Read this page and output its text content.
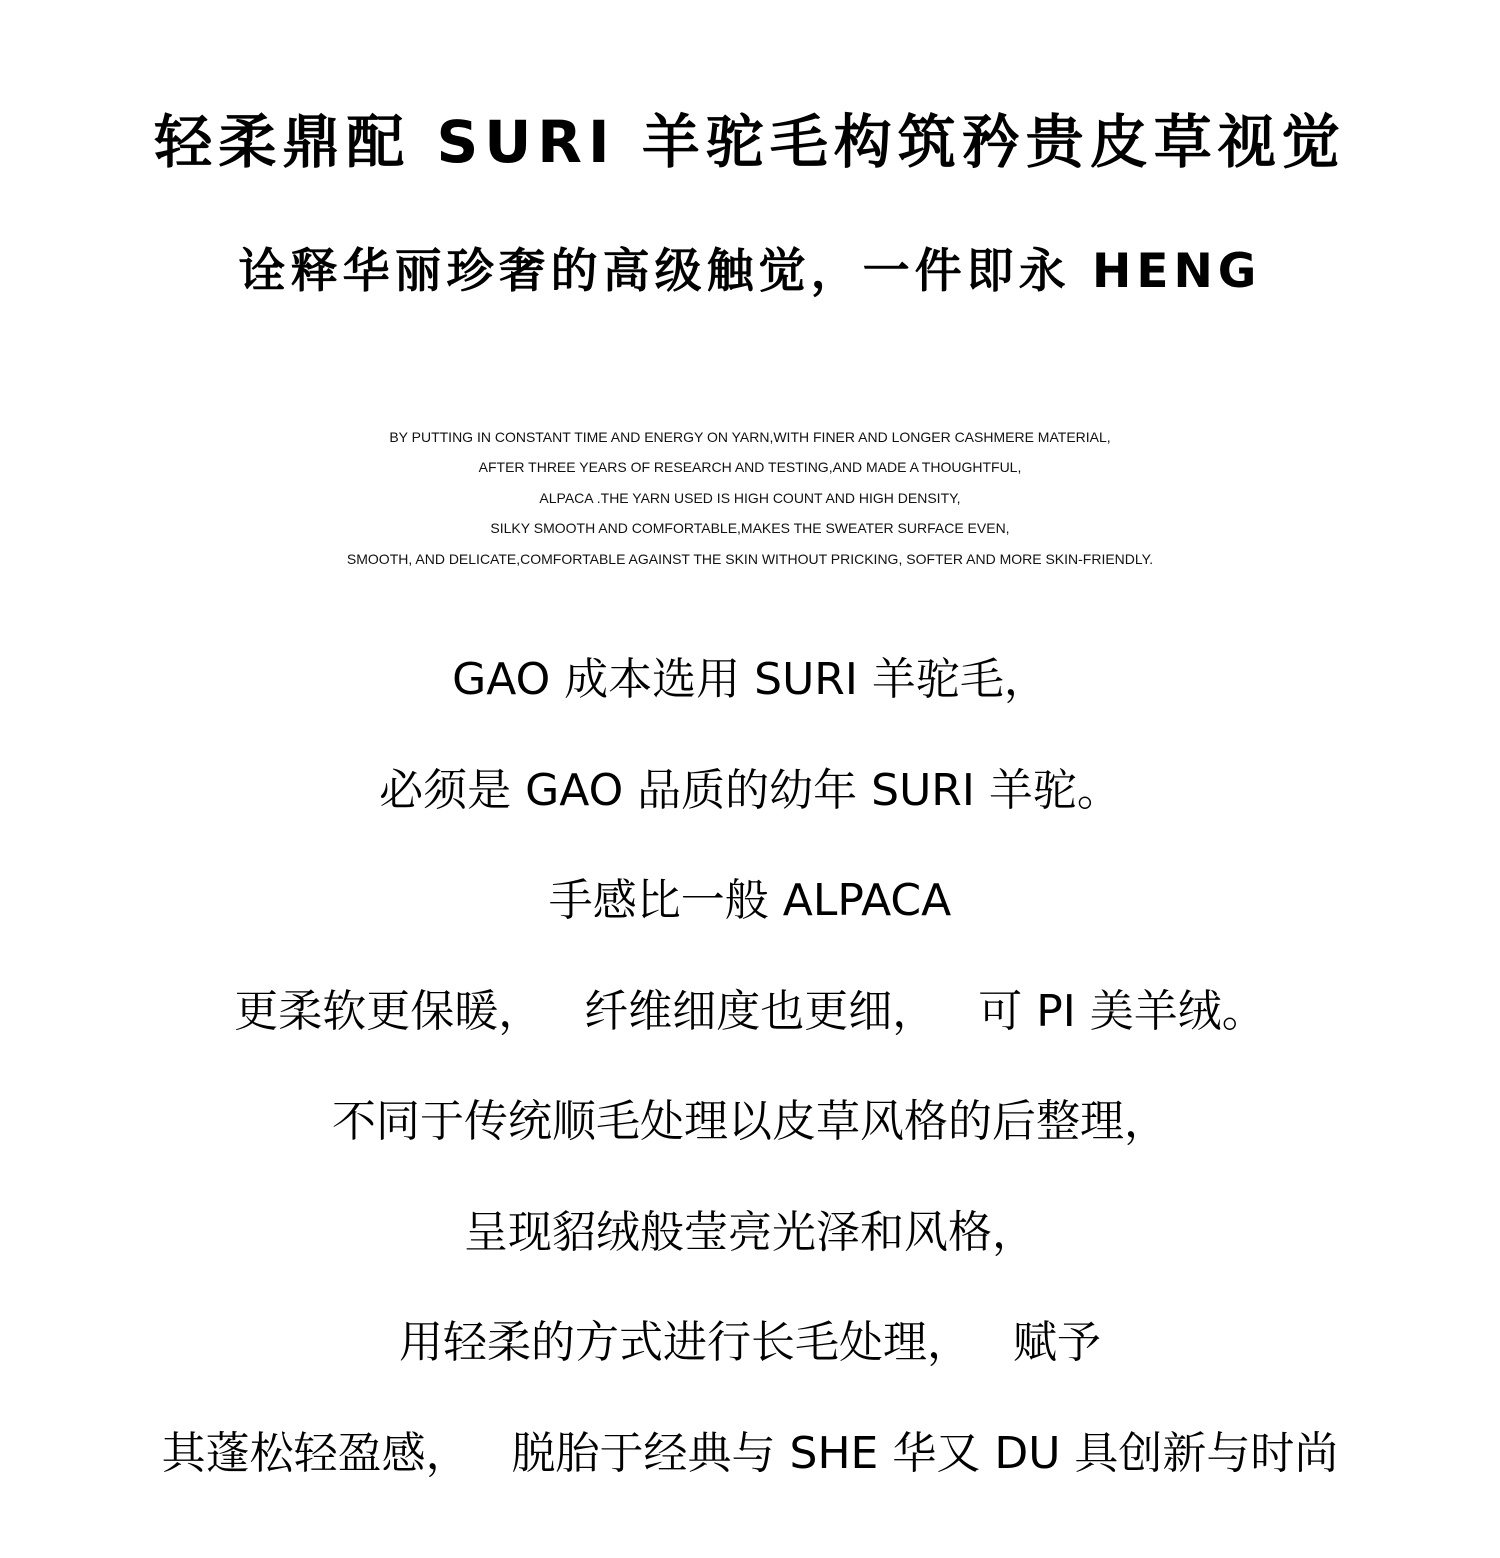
轻柔鼎配 SURI 羊驼毛构筑矜贵皮草视觉
诠释华丽珍奢的高级触觉，一件即永 HENG
BY PUTTING IN CONSTANT TIME AND ENERGY ON YARN,WITH FINER AND LONGER CASHMERE MATERIAL,
AFTER THREE YEARS OF RESEARCH AND TESTING,AND MADE A THOUGHTFUL,
ALPACA .THE YARN USED IS HIGH COUNT AND HIGH DENSITY,
SILKY SMOOTH AND COMFORTABLE,MAKES THE SWEATER SURFACE EVEN,
SMOOTH, AND DELICATE,COMFORTABLE AGAINST THE SKIN WITHOUT PRICKING, SOFTER AND MORE SKIN-FRIENDLY.
GAO 成本选用 SURI 羊驼毛，
必须是 GAO 品质的幼年 SURI 羊驼。
手感比一般 ALPACA
更柔软更保暖，   纤维细度也更细，   可 PI 美羊绒。
不同于传统顺毛处理以皮草风格的后整理，
呈现貂绒般莹亮光泽和风格，
用轻柔的方式进行长毛处理，   赋予
其蓬松轻盈感，   脱胎于经典与 SHE 华又 DU 具创新与时尚
